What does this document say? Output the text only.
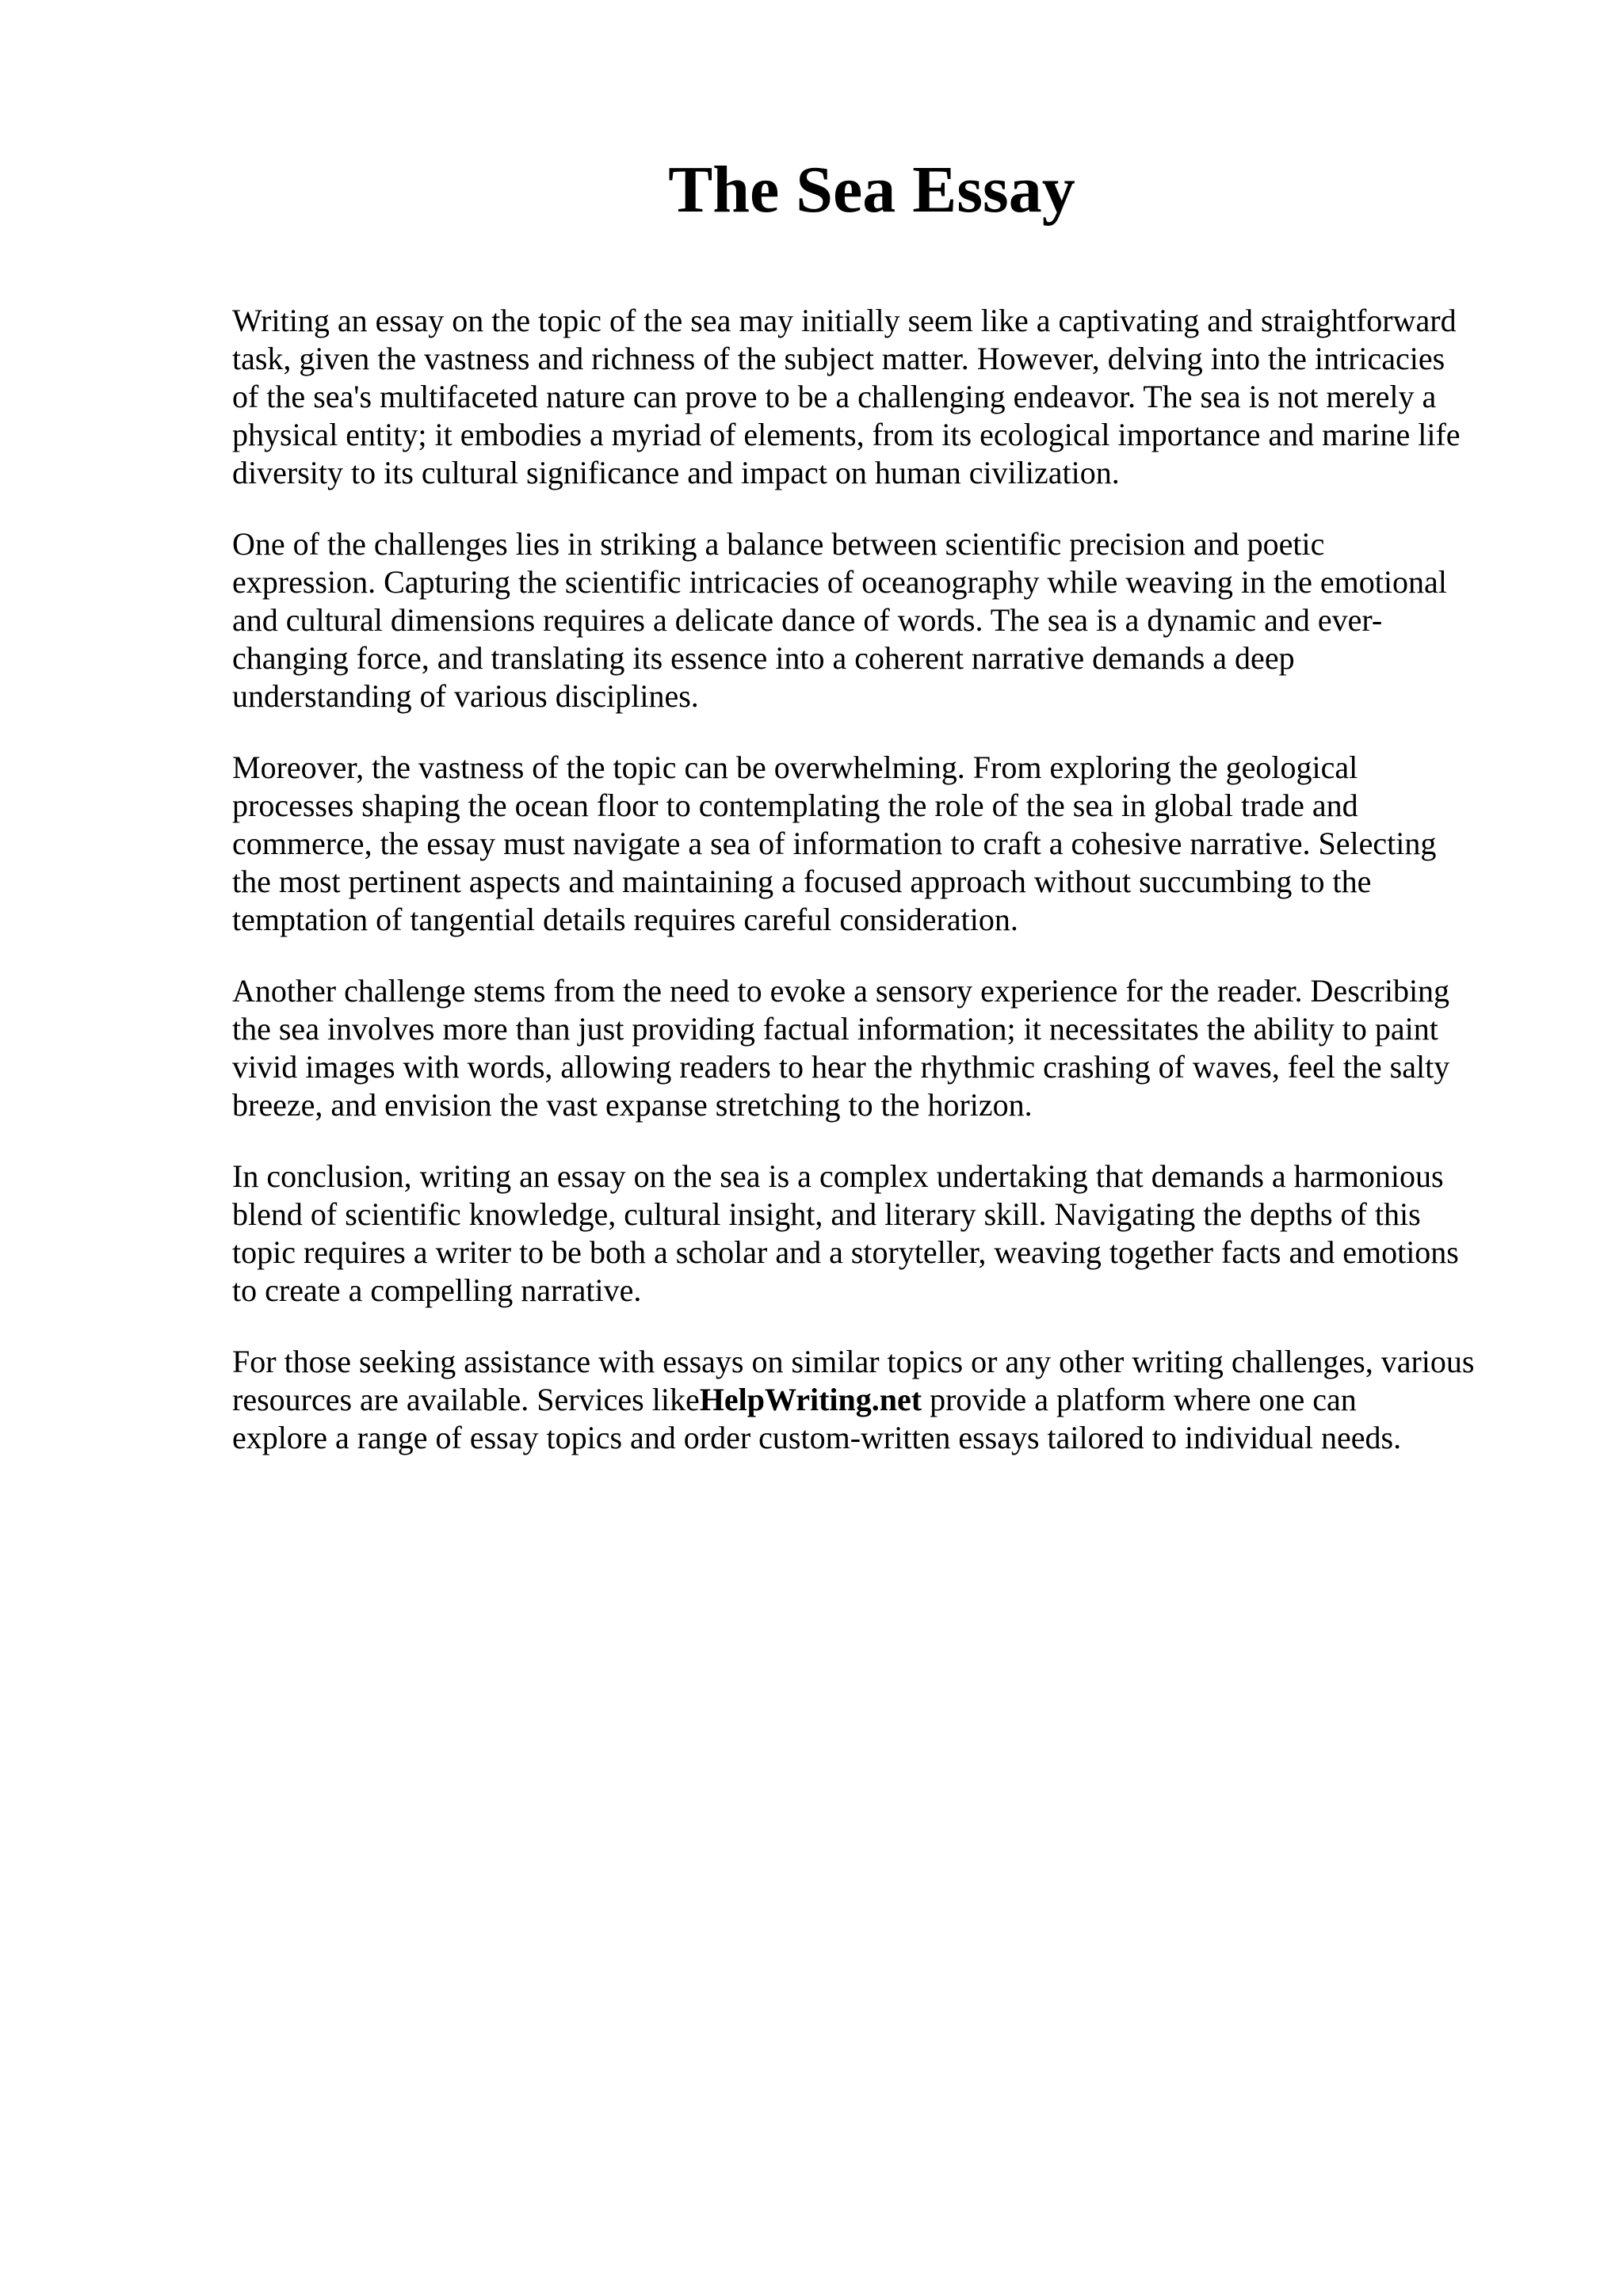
The Sea Essay

Writing an essay on the topic of the sea may initially seem like a captivating and straightforward
task, given the vastness and richness of the subject matter. However, delving into the intricacies
of the sea's multifaceted nature can prove to be a challenging endeavor. The sea is not merely a
physical entity; it embodies a myriad of elements, from its ecological importance and marine life
diversity to its cultural significance and impact on human civilization.

One of the challenges lies in striking a balance between scientific precision and poetic
expression. Capturing the scientific intricacies of oceanography while weaving in the emotional
and cultural dimensions requires a delicate dance of words. The sea is a dynamic and ever-
changing force, and translating its essence into a coherent narrative demands a deep
understanding of various disciplines.

Moreover, the vastness of the topic can be overwhelming. From exploring the geological
processes shaping the ocean floor to contemplating the role of the sea in global trade and
commerce, the essay must navigate a sea of information to craft a cohesive narrative. Selecting
the most pertinent aspects and maintaining a focused approach without succumbing to the
temptation of tangential details requires careful consideration.

Another challenge stems from the need to evoke a sensory experience for the reader. Describing
the sea involves more than just providing factual information; it necessitates the ability to paint
vivid images with words, allowing readers to hear the rhythmic crashing of waves, feel the salty
breeze, and envision the vast expanse stretching to the horizon.

In conclusion, writing an essay on the sea is a complex undertaking that demands a harmonious
blend of scientific knowledge, cultural insight, and literary skill. Navigating the depths of this
topic requires a writer to be both a scholar and a storyteller, weaving together facts and emotions
to create a compelling narrative.

For those seeking assistance with essays on similar topics or any other writing challenges, various
resources are available. Services likeHelpWriting.net provide a platform where one can
explore a range of essay topics and order custom-written essays tailored to individual needs.
